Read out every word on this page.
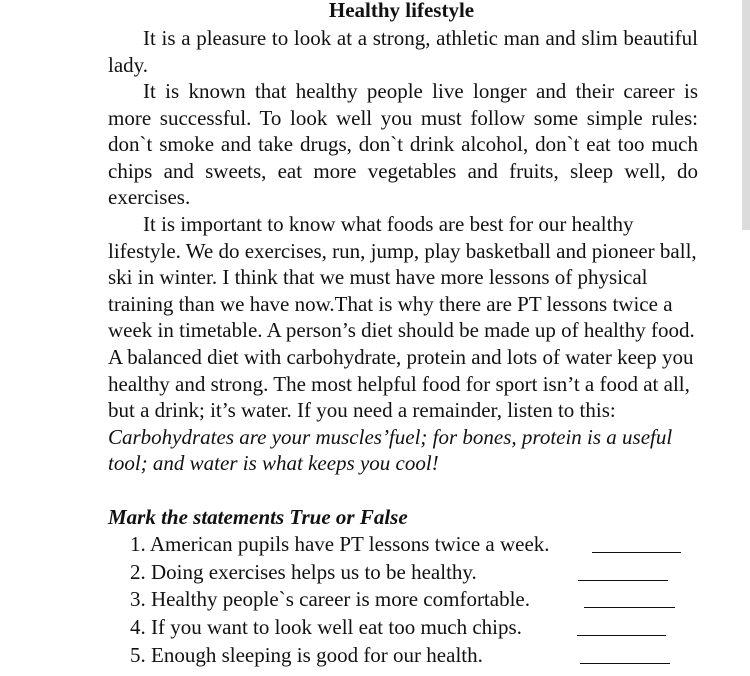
Healthy lifestyle

It is a pleasure to look at a strong, athletic man and slim beautiful lady.

It is known that healthy people live longer and their career is more successful. To look well you must follow some simple rules: don`t smoke and take drugs, don`t drink alcohol, don`t eat too much chips and sweets, eat more vegetables and fruits, sleep well, do exercises.

It is important to know what foods are best for our healthy lifestyle. We do exercises, run, jump, play basketball and pioneer ball, ski in winter. I think that we must have more lessons of physical training than we have now.That is why there are PT lessons twice a week in timetable. A person’s diet should be made up of healthy food. A balanced diet with carbohydrate, protein and lots of water keep you healthy and strong. The most helpful food for sport isn’t a food at all, but a drink; it’s water. If you need a remainder, listen to this: Carbohydrates are your muscles’fuel; for bones, protein is a useful tool; and water is what keeps you cool!

Mark the statements True or False
1. American pupils have PT lessons twice a week.
2. Doing exercises helps us to be healthy.
3. Healthy people`s career is more comfortable.
4. If you want to look well eat too much chips.
5. Enough sleeping is good for our health.
